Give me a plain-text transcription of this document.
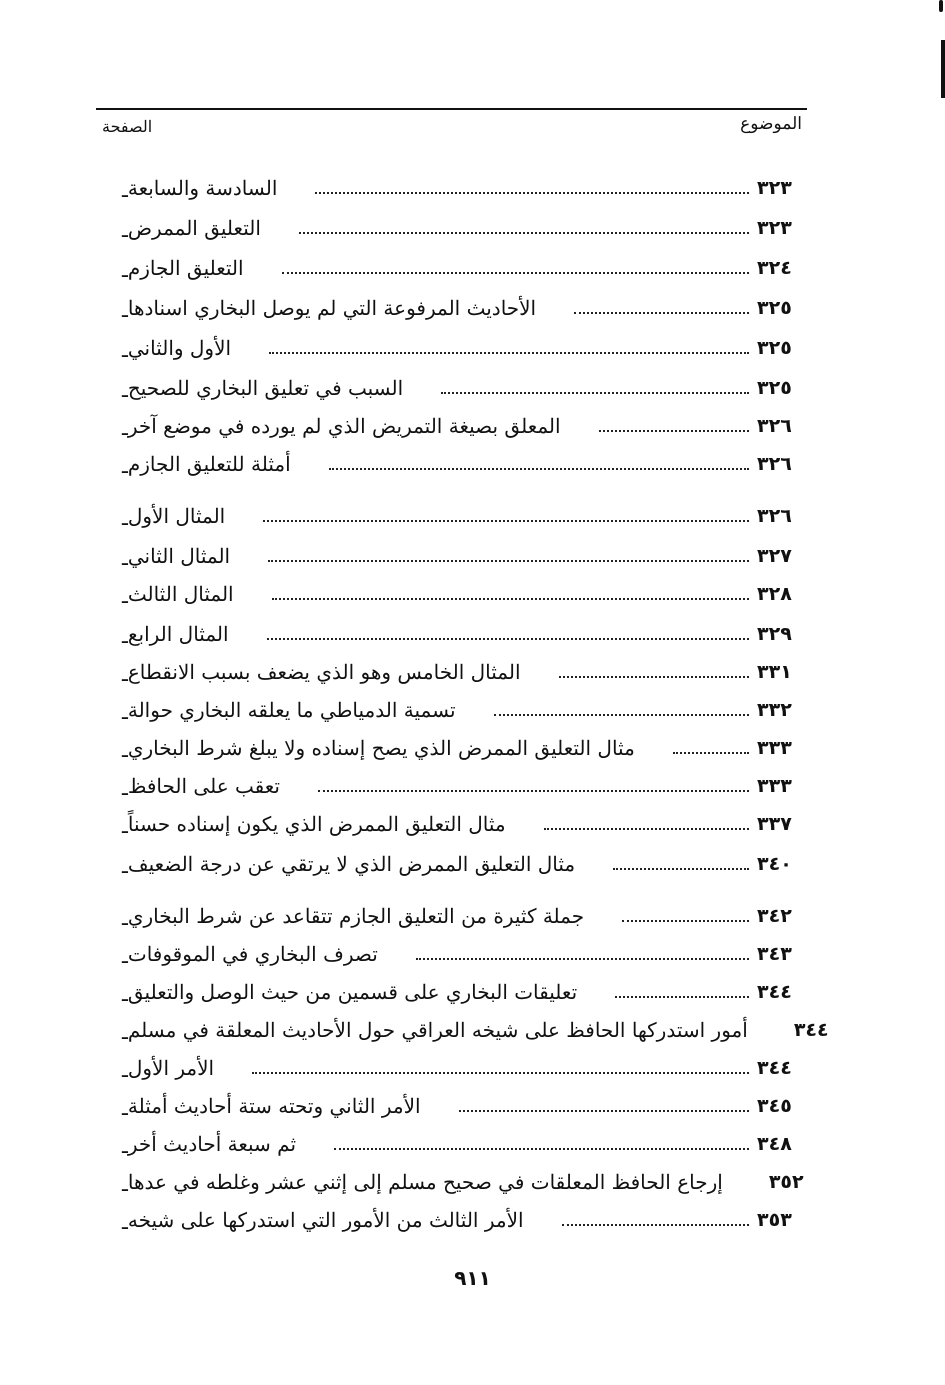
الموضوع
الصفحة
ـ السادسة والسابعة	٣٢٣
ـ التعليق الممرض	٣٢٣
ـ التعليق الجازم	٣٢٤
ـ الأحاديث المرفوعة التي لم يوصل البخاري اسنادها	٣٢٥
ـ الأول والثاني	٣٢٥
ـ السبب في تعليق البخاري للصحيح	٣٢٥
ـ المعلق بصيغة التمريض الذي لم يورده في موضع آخر	٣٢٦
ـ أمثلة للتعليق الجازم	٣٢٦
ـ المثال الأول	٣٢٦
ـ المثال الثاني	٣٢٧
ـ المثال الثالث	٣٢٨
ـ المثال الرابع	٣٢٩
ـ المثال الخامس وهو الذي يضعف بسبب الانقطاع	٣٣١
ـ تسمية الدمياطي ما يعلقه البخاري حوالة	٣٣٢
ـ مثال التعليق الممرض الذي يصح إسناده ولا يبلغ شرط البخاري	٣٣٣
ـ تعقب على الحافظ	٣٣٣
ـ مثال التعليق الممرض الذي يكون إسناده حسناً	٣٣٧
ـ مثال التعليق الممرض الذي لا يرتقي عن درجة الضعيف	٣٤٠
ـ جملة كثيرة من التعليق الجازم تتقاعد عن شرط البخاري	٣٤٢
ـ تصرف البخاري في الموقوفات	٣٤٣
ـ تعليقات البخاري على قسمين من حيث الوصل والتعليق	٣٤٤
ـ أمور استدركها الحافظ على شيخه العراقي حول الأحاديث المعلقة في مسلم ٣٤٤
ـ الأمر الأول	٣٤٤
ـ الأمر الثاني وتحته ستة أحاديث أمثلة	٣٤٥
ـ ثم سبعة أحاديث أخر	٣٤٨
ـ إرجاع الحافظ المعلقات في صحيح مسلم إلى إثني عشر وغلطه في عدها ٣٥٢
ـ الأمر الثالث من الأمور التي استدركها على شيخه	٣٥٣
٩١١
